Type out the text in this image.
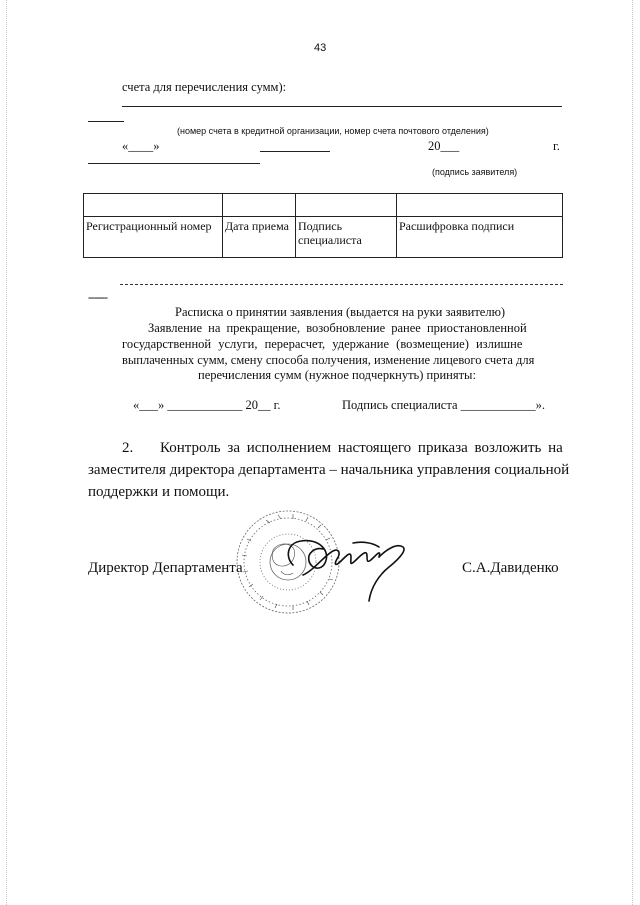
43
счета для перечисления сумм):
(номер счета в кредитной организации, номер счета почтового отделения)
«____»	20___	г.
(подпись заявителя)

Регистрационный номер	Дата приема	Подпись специалиста	Расшифровка подписи
------
Расписка о принятии заявления (выдается на руки заявителю)
Заявление на прекращение, возобновление ранее приостановленной
государственной услуги, перерасчет, удержание (возмещение) излишне
выплаченных сумм, смену способа получения, изменение лицевого счета для
перечисления сумм (нужное подчеркнуть) приняты:
«___» ____________ 20__ г.	Подпись специалиста ____________».
2. Контроль за исполнением настоящего приказа возложить на
заместителя директора департамента – начальника управления социальной
поддержки и помощи.
Директор Департамента	С.А.Давиденко
